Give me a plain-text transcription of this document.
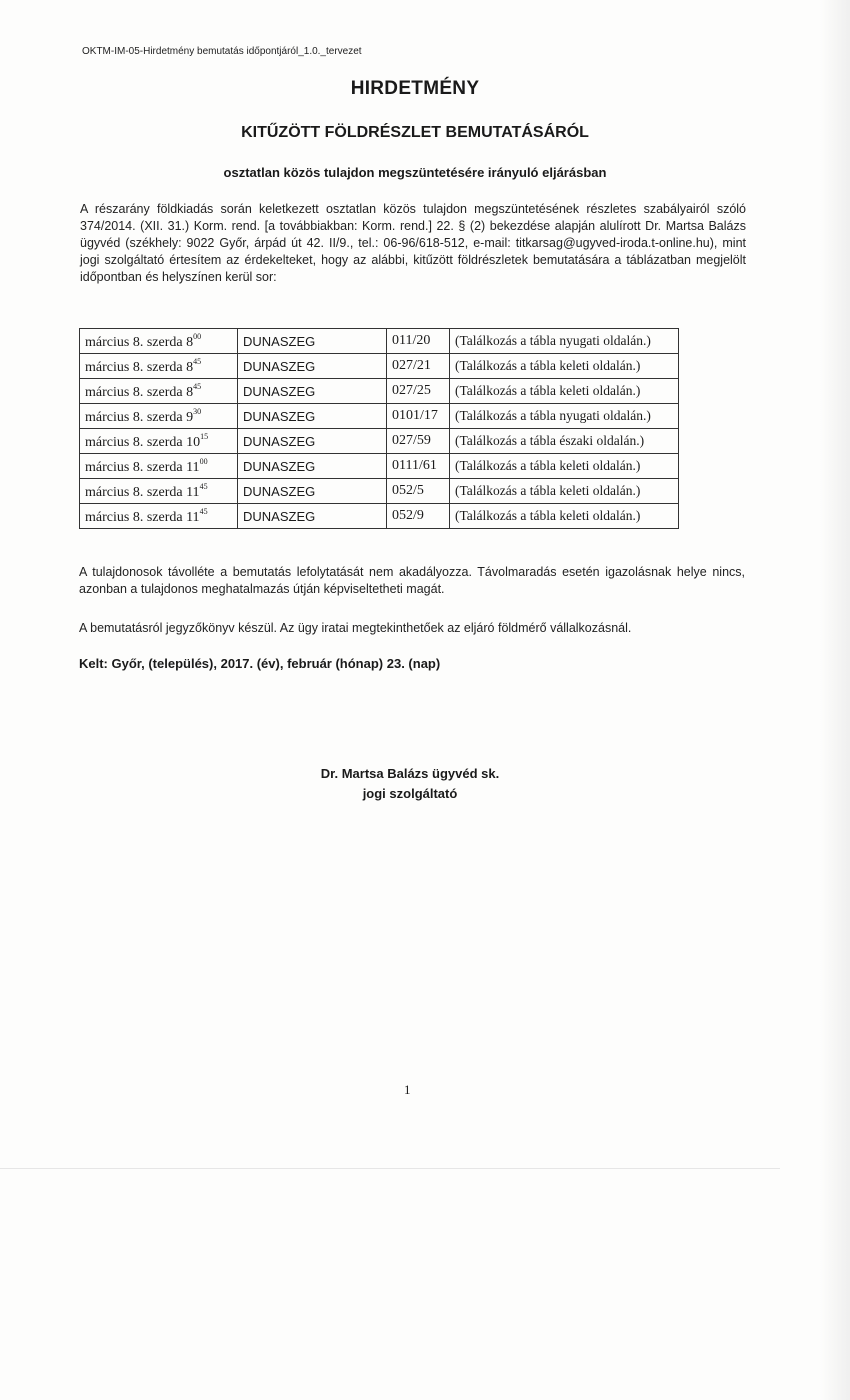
OKTM-IM-05-Hirdetmény bemutatás időpontjáról_1.0._tervezet
HIRDETMÉNY
KITŰZÖTT FÖLDRÉSZLET BEMUTATÁSÁRÓL
osztatlan közös tulajdon megszüntetésére irányuló eljárásban
A részarány földkiadás során keletkezett osztatlan közös tulajdon megszüntetésének részletes szabályairól szóló 374/2014. (XII. 31.) Korm. rend. [a továbbiakban: Korm. rend.] 22. § (2) bekezdése alapján alulírott Dr. Martsa Balázs ügyvéd (székhely: 9022 Győr, árpád út 42. II/9., tel.: 06-96/618-512, e-mail: titkarsag@ugyved-iroda.t-online.hu), mint jogi szolgáltató értesítem az érdekelteket, hogy az alábbi, kitűzött földrészletek bemutatására a táblázatban megjelölt időpontban és helyszínen kerül sor:
március 8. szerda $8^{00}$	DUNASZEG	011/20	(Találkozás a tábla nyugati oldalán.)
március 8. szerda $8^{45}$	DUNASZEG	027/21	(Találkozás a tábla keleti oldalán.)
március 8. szerda $8^{45}$	DUNASZEG	027/25	(Találkozás a tábla keleti oldalán.)
március 8. szerda $9^{30}$	DUNASZEG	0101/17	(Találkozás a tábla nyugati oldalán.)
március 8. szerda $10^{15}$	DUNASZEG	027/59	(Találkozás a tábla északi oldalán.)
március 8. szerda $11^{00}$	DUNASZEG	0111/61	(Találkozás a tábla keleti oldalán.)
március 8. szerda $11^{45}$	DUNASZEG	052/5	(Találkozás a tábla keleti oldalán.)
március 8. szerda $11^{45}$	DUNASZEG	052/9	(Találkozás a tábla keleti oldalán.)
A tulajdonosok távolléte a bemutatás lefolytatását nem akadályozza. Távolmaradás esetén igazolásnak helye nincs, azonban a tulajdonos meghatalmazás útján képviseltetheti magát.
A bemutatásról jegyzőkönyv készül. Az ügy iratai megtekinthetőek az eljáró földmérő vállalkozásnál.
Kelt: Győr, (település), 2017. (év), február (hónap) 23. (nap)
Dr. Martsa Balázs ügyvéd sk.
jogi szolgáltató
1
